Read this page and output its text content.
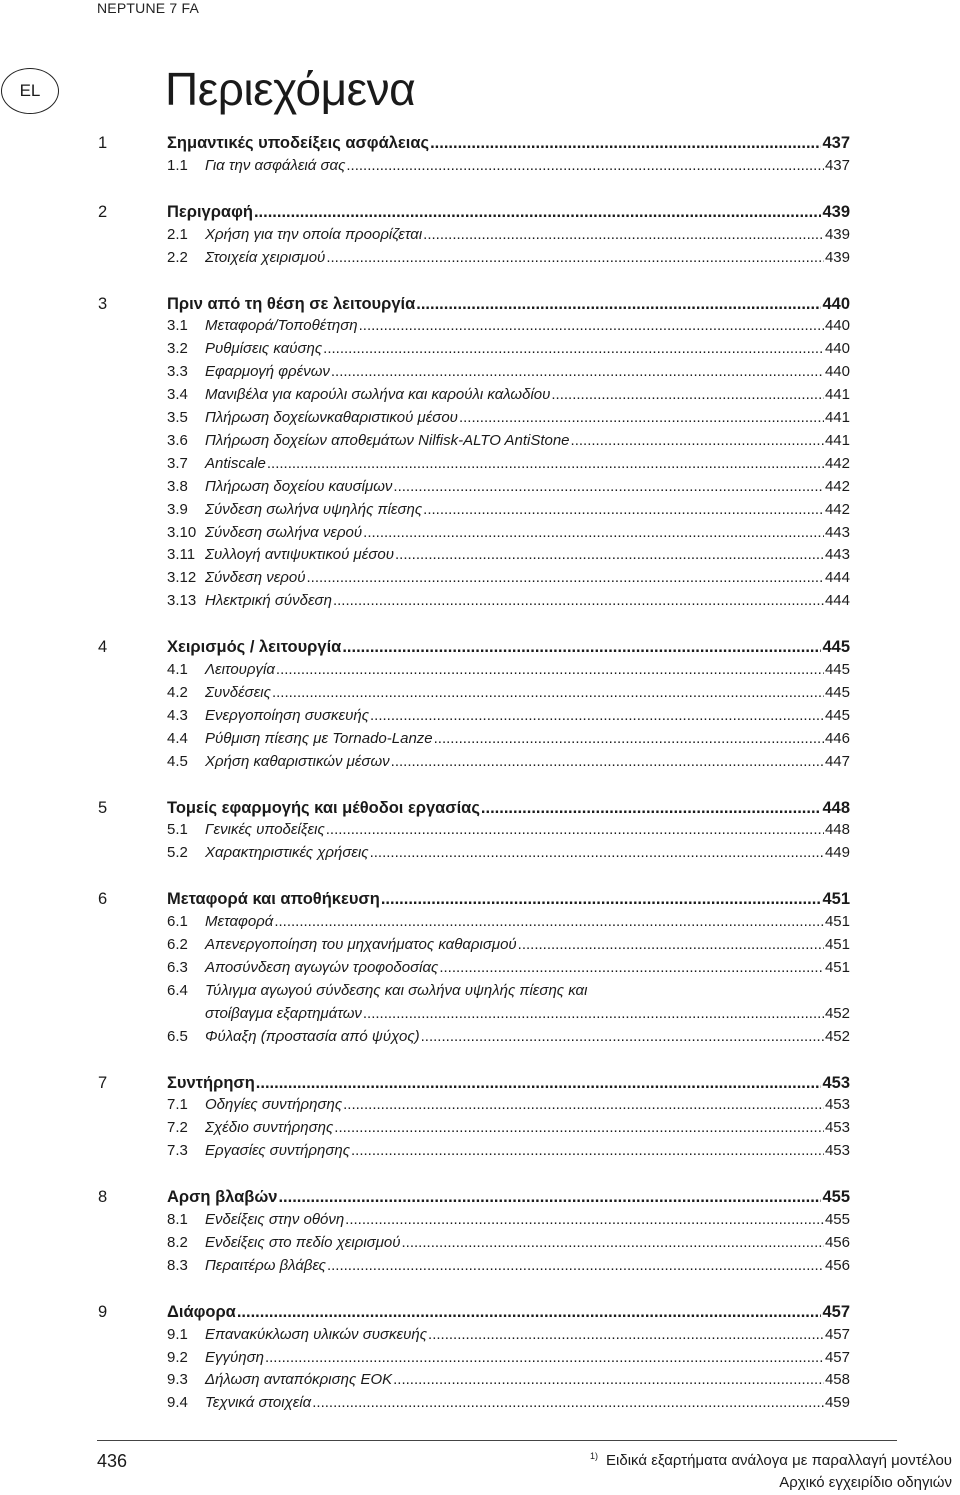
NEPTUNE 7 FA
EL	Περιεχόμενα
1	Σημαντικές υποδείξεις ασφάλειας .....	437
1.1 Για την ασφάλειά σας .....	437
2	Περιγραφή .....	439
2.1 Χρήση για την οποία προορίζεται .....	439
2.2 Στοιχεία χειρισμού .....	439
3	Πριν από τη θέση σε λειτουργία .....	440
3.1 Μεταφορά/Τοποθέτηση .....	440
3.2 Ρυθμίσεις καύσης .....	440
3.3 Εφαρμογή φρένων .....	440
3.4 Μανιβέλα για καρούλι σωλήνα και καρούλι καλωδίου .....	441
3.5 Πλήρωση δοχείωνκαθαριστικού μέσου .....	441
3.6 Πλήρωση δοχείων αποθεμάτων Nilfisk-ALTO AntiStone .....	441
3.7 Antiscale .....	442
3.8 Πλήρωση δοχείου καυσίμων .....	442
3.9 Σύνδεση σωλήνα υψηλής πίεσης .....	442
3.10 Σύνδεση σωλήνα νερού .....	443
3.11 Συλλογή αντιψυκτικού μέσου .....	443
3.12 Σύνδεση νερού .....	444
3.13 Ηλεκτρική σύνδεση .....	444
4	Χειρισμός / λειτουργία .....	445
4.1 Λειτουργία .....	445
4.2 Συνδέσεις .....	445
4.3 Ενεργοποίηση συσκευής .....	445
4.4 Ρύθμιση πίεσης με Tornado-Lanze .....	446
4.5 Χρήση καθαριστικών μέσων .....	447
5	Τομείς εφαρμογής και μέθοδοι εργασίας .....	448
5.1 Γενικές υποδείξεις .....	448
5.2 Χαρακτηριστικές χρήσεις .....	449
6	Μεταφορά και αποθήκευση .....	451
6.1 Μεταφορά .....	451
6.2 Απενεργοποίηση του μηχανήματος καθαρισμού .....	451
6.3 Αποσύνδεση αγωγών τροφοδοσίας .....	451
6.4 Τύλιγμα αγωγού σύνδεσης και σωλήνα υψηλής πίεσης και
στοίβαγμα εξαρτημάτων .....	452
6.5 Φύλαξη (προστασία από ψύχος) .....	452
7	Συντήρηση .....	453
7.1 Οδηγίες συντήρησης .....	453
7.2 Σχέδιο συντήρησης .....	453
7.3 Εργασίες συντήρησης .....	453
8	Αρση βλαβών .....	455
8.1 Ενδείξεις στην οθόνη .....	455
8.2 Ενδείξεις στο πεδίο χειρισμού .....	456
8.3 Περαιτέρω βλάβες .....	456
9	Διάφορα .....	457
9.1 Επανακύκλωση υλικών συσκευής .....	457
9.2 Εγγύηση .....	457
9.3 Δήλωση ανταπόκρισης ΕΟΚ .....	458
9.4 Τεχνικά στοιχεία .....	459
436	$^{1)}$ Ειδικά εξαρτήματα ανάλογα με παραλλαγή μοντέλου
Αρχικό εγχειρίδιο οδηγιών
